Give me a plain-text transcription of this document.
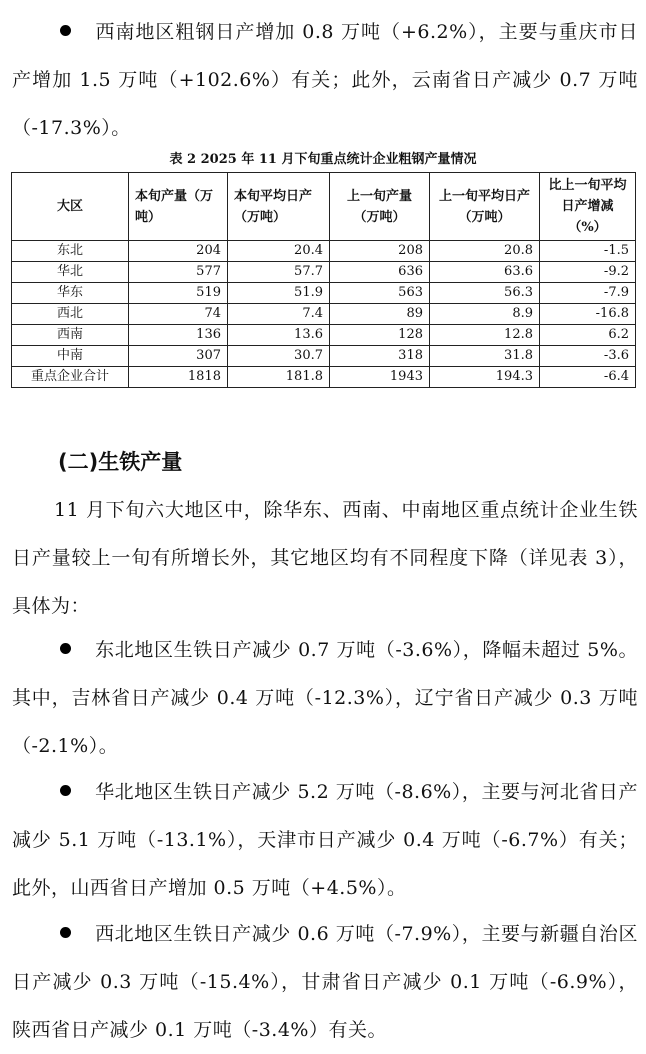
西南地区粗钢日产增加 0.8 万吨（+6.2%），主要与重庆市日产增加 1.5 万吨（+102.6%）有关；此外，云南省日产减少 0.7 万吨（-17.3%）。
表 2 2025 年 11 月下旬重点统计企业粗钢产量情况
大区	本旬产量（万吨）	本旬平均日产（万吨）	上一旬产量（万吨）	上一旬平均日产（万吨）	比上一旬平均日产增减（%）
东北	204	20.4	208	20.8	-1.5
华北	577	57.7	636	63.6	-9.2
华东	519	51.9	563	56.3	-7.9
西北	74	7.4	89	8.9	-16.8
西南	136	13.6	128	12.8	6.2
中南	307	30.7	318	31.8	-3.6
重点企业合计	1818	181.8	1943	194.3	-6.4
(二)生铁产量
11 月下旬六大地区中，除华东、西南、中南地区重点统计企业生铁日产量较上一旬有所增长外，其它地区均有不同程度下降（详见表 3），具体为：
东北地区生铁日产减少 0.7 万吨（-3.6%），降幅未超过 5%。其中，吉林省日产减少 0.4 万吨（-12.3%），辽宁省日产减少 0.3 万吨（-2.1%）。
华北地区生铁日产减少 5.2 万吨（-8.6%），主要与河北省日产减少 5.1 万吨（-13.1%），天津市日产减少 0.4 万吨（-6.7%）有关；此外，山西省日产增加 0.5 万吨（+4.5%）。
西北地区生铁日产减少 0.6 万吨（-7.9%），主要与新疆自治区日产减少 0.3 万吨（-15.4%），甘肃省日产减少 0.1 万吨（-6.9%），陕西省日产减少 0.1 万吨（-3.4%）有关。
